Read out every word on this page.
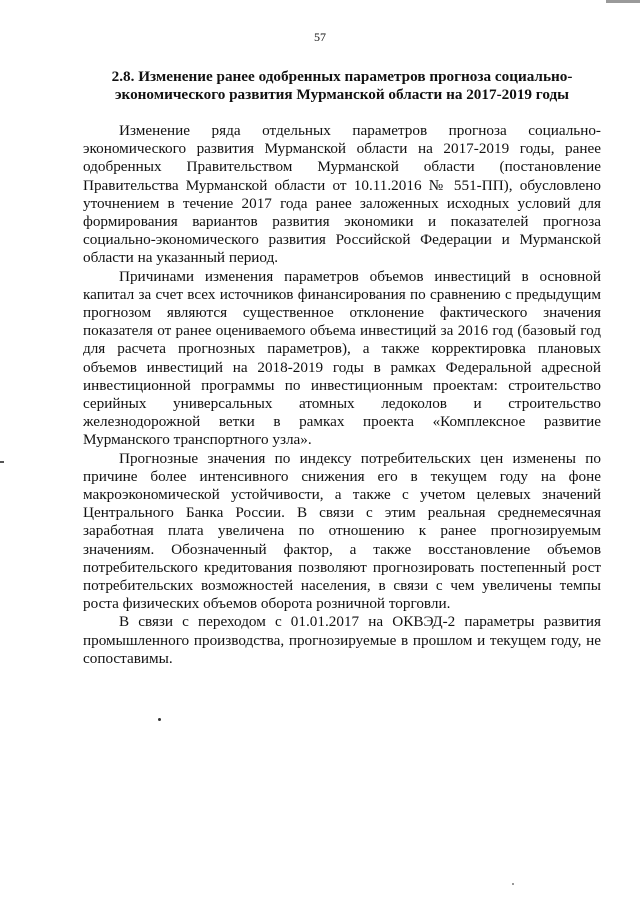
57
2.8. Изменение ранее одобренных параметров прогноза социально-
экономического развития Мурманской области на 2017-2019 годы

Изменение ряда отдельных параметров прогноза социально-экономического развития Мурманской области на 2017-2019 годы, ранее одобренных Правительством Мурманской области (постановление Правительства Мурманской области от 10.11.2016 № 551-ПП), обусловлено уточнением в течение 2017 года ранее заложенных исходных условий для формирования вариантов развития экономики и показателей прогноза социально-экономического развития Российской Федерации и Мурманской области на указанный период.

Причинами изменения параметров объемов инвестиций в основной капитал за счет всех источников финансирования по сравнению с предыдущим прогнозом являются существенное отклонение фактического значения показателя от ранее оцениваемого объема инвестиций за 2016 год (базовый год для расчета прогнозных параметров), а также корректировка плановых объемов инвестиций на 2018-2019 годы в рамках Федеральной адресной инвестиционной программы по инвестиционным проектам: строительство серийных универсальных атомных ледоколов и строительство железнодорожной ветки в рамках проекта «Комплексное развитие Мурманского транспортного узла».

Прогнозные значения по индексу потребительских цен изменены по причине более интенсивного снижения его в текущем году на фоне макроэкономической устойчивости, а также с учетом целевых значений Центрального Банка России. В связи с этим реальная среднемесячная заработная плата увеличена по отношению к ранее прогнозируемым значениям. Обозначенный фактор, а также восстановление объемов потребительского кредитования позволяют прогнозировать постепенный рост потребительских возможностей населения, в связи с чем увеличены темпы роста физических объемов оборота розничной торговли.

В связи с переходом с 01.01.2017 на ОКВЭД-2 параметры развития промышленного производства, прогнозируемые в прошлом и текущем году, не сопоставимы.
